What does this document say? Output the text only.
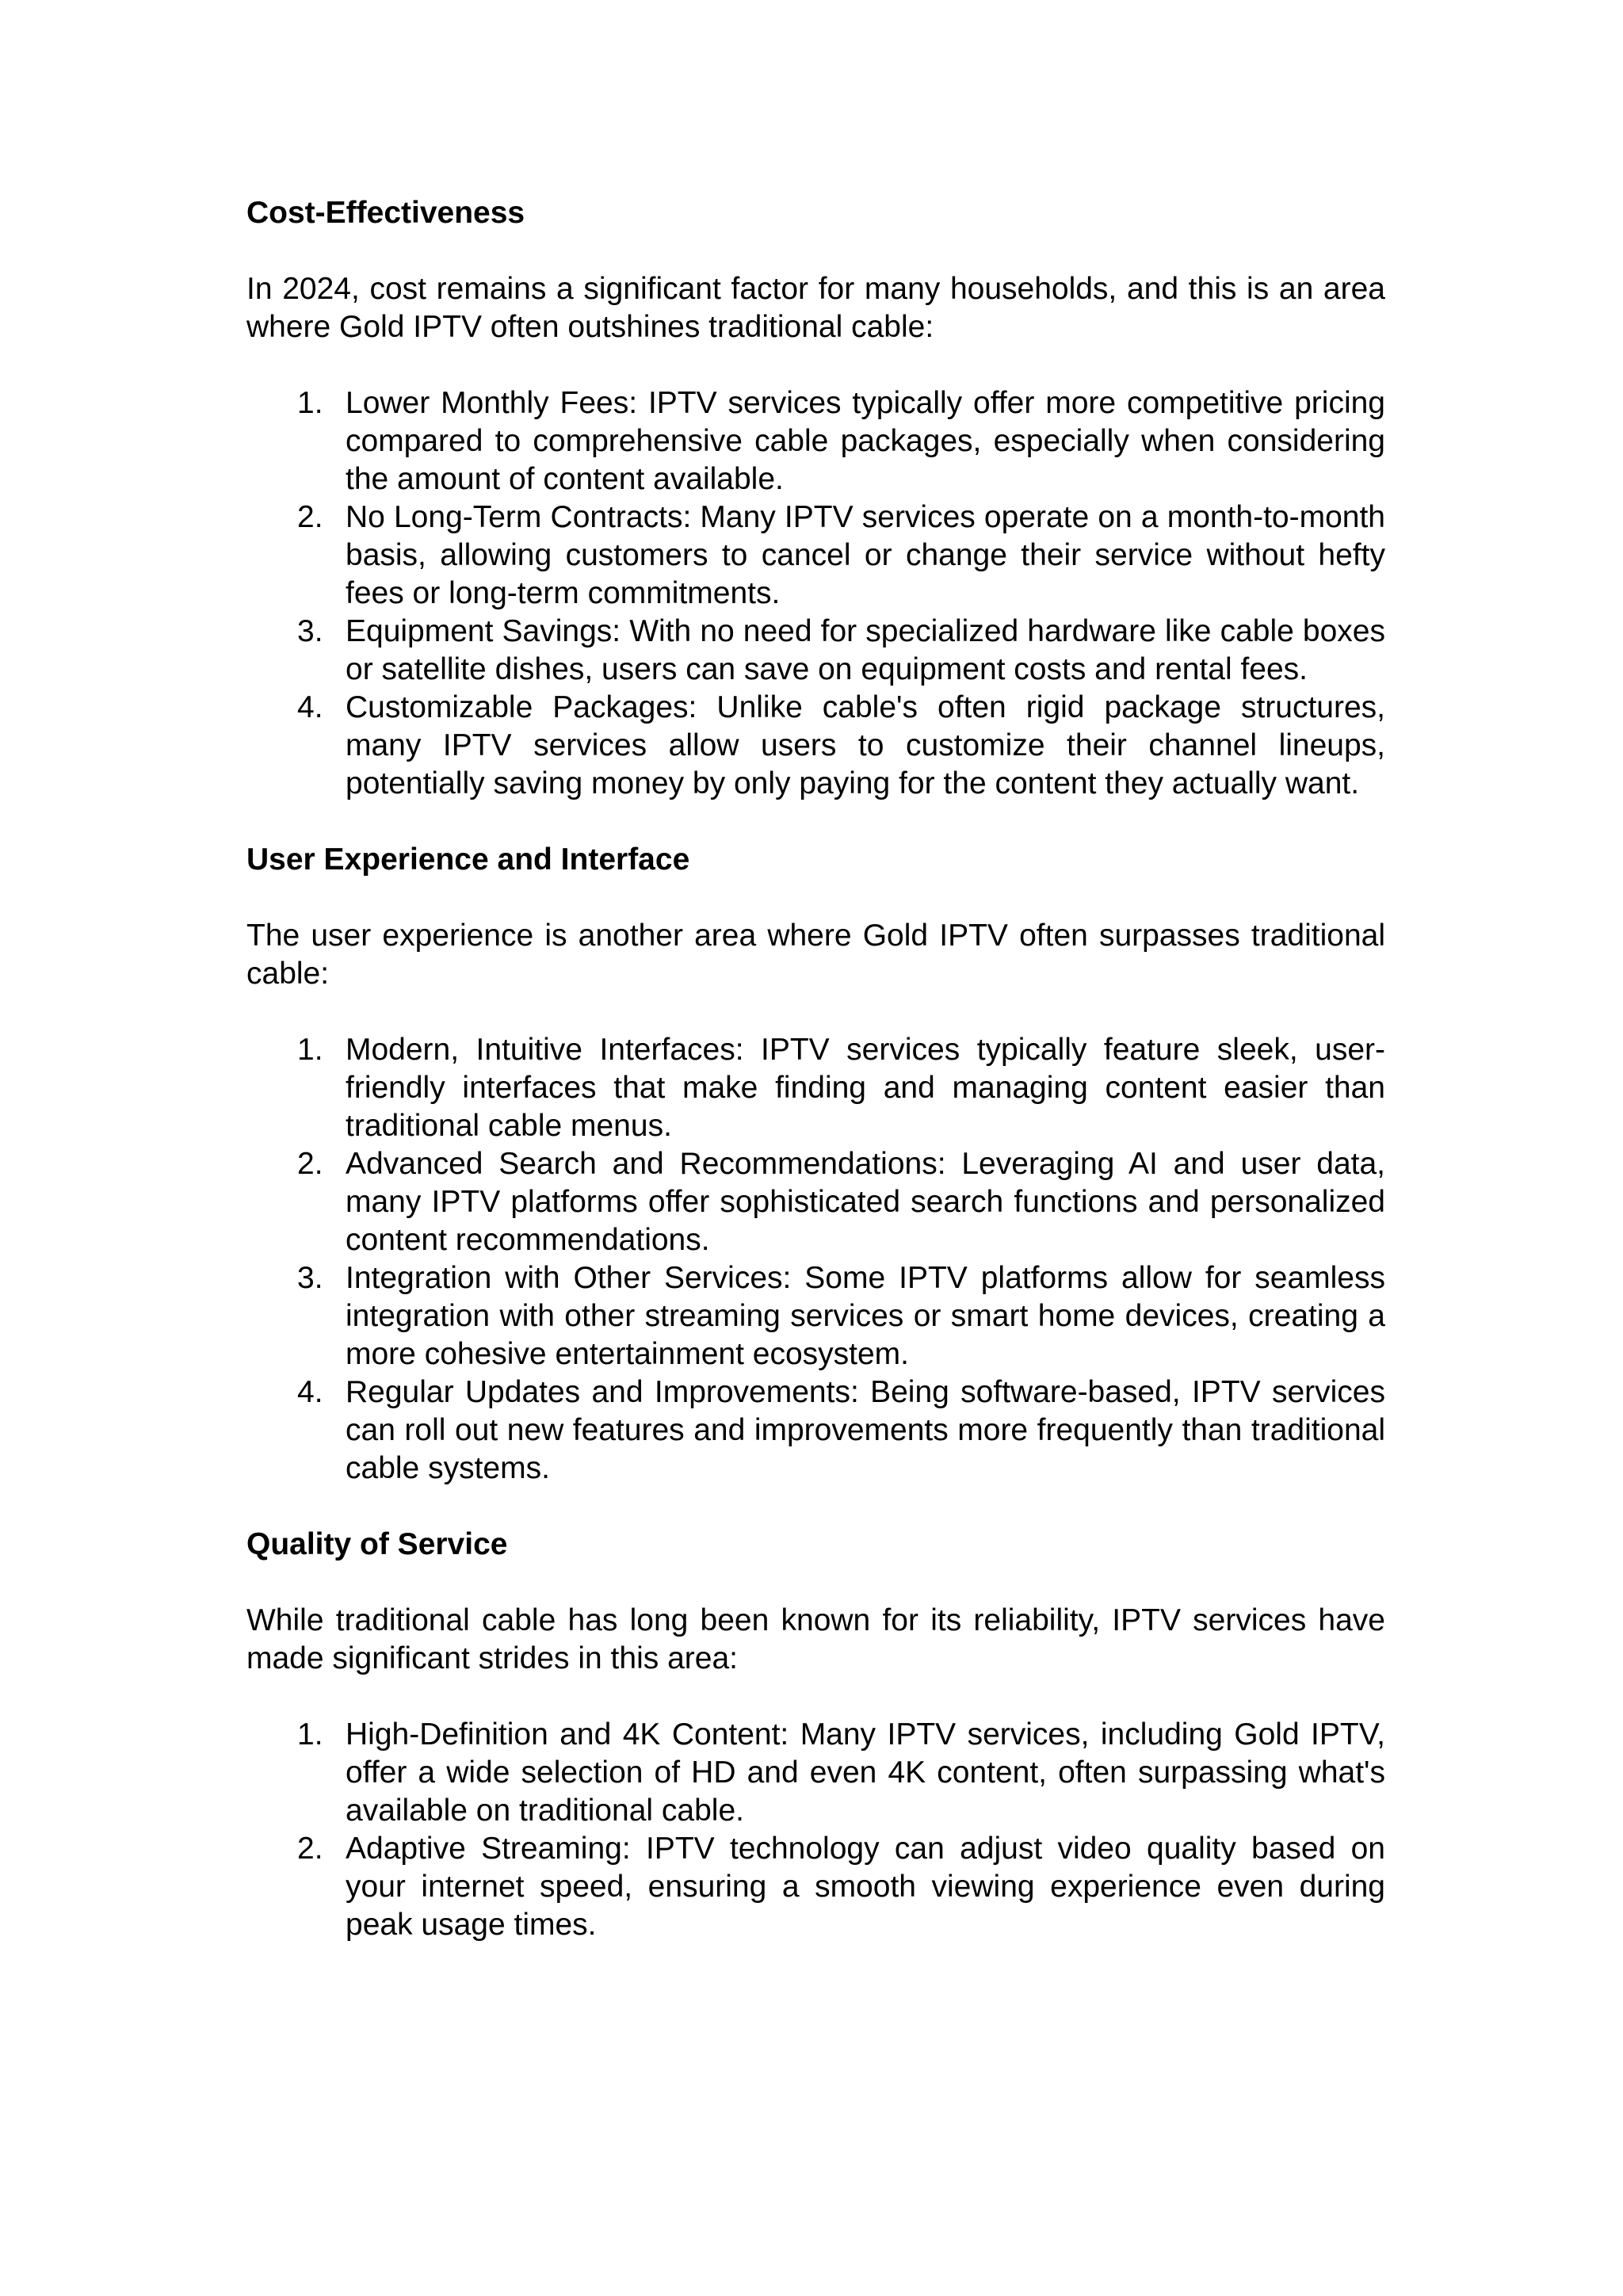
Cost-Effectiveness

In 2024, cost remains a significant factor for many households, and this is an area where Gold IPTV often outshines traditional cable:

1. Lower Monthly Fees: IPTV services typically offer more competitive pricing compared to comprehensive cable packages, especially when considering the amount of content available.
2. No Long-Term Contracts: Many IPTV services operate on a month-to-month basis, allowing customers to cancel or change their service without hefty fees or long-term commitments.
3. Equipment Savings: With no need for specialized hardware like cable boxes or satellite dishes, users can save on equipment costs and rental fees.
4. Customizable Packages: Unlike cable's often rigid package structures, many IPTV services allow users to customize their channel lineups, potentially saving money by only paying for the content they actually want.
User Experience and Interface

The user experience is another area where Gold IPTV often surpasses traditional cable:

1. Modern, Intuitive Interfaces: IPTV services typically feature sleek, user-friendly interfaces that make finding and managing content easier than traditional cable menus.
2. Advanced Search and Recommendations: Leveraging AI and user data, many IPTV platforms offer sophisticated search functions and personalized content recommendations.
3. Integration with Other Services: Some IPTV platforms allow for seamless integration with other streaming services or smart home devices, creating a more cohesive entertainment ecosystem.
4. Regular Updates and Improvements: Being software-based, IPTV services can roll out new features and improvements more frequently than traditional cable systems.
Quality of Service

While traditional cable has long been known for its reliability, IPTV services have made significant strides in this area:

1. High-Definition and 4K Content: Many IPTV services, including Gold IPTV, offer a wide selection of HD and even 4K content, often surpassing what's available on traditional cable.
2. Adaptive Streaming: IPTV technology can adjust video quality based on your internet speed, ensuring a smooth viewing experience even during peak usage times.
